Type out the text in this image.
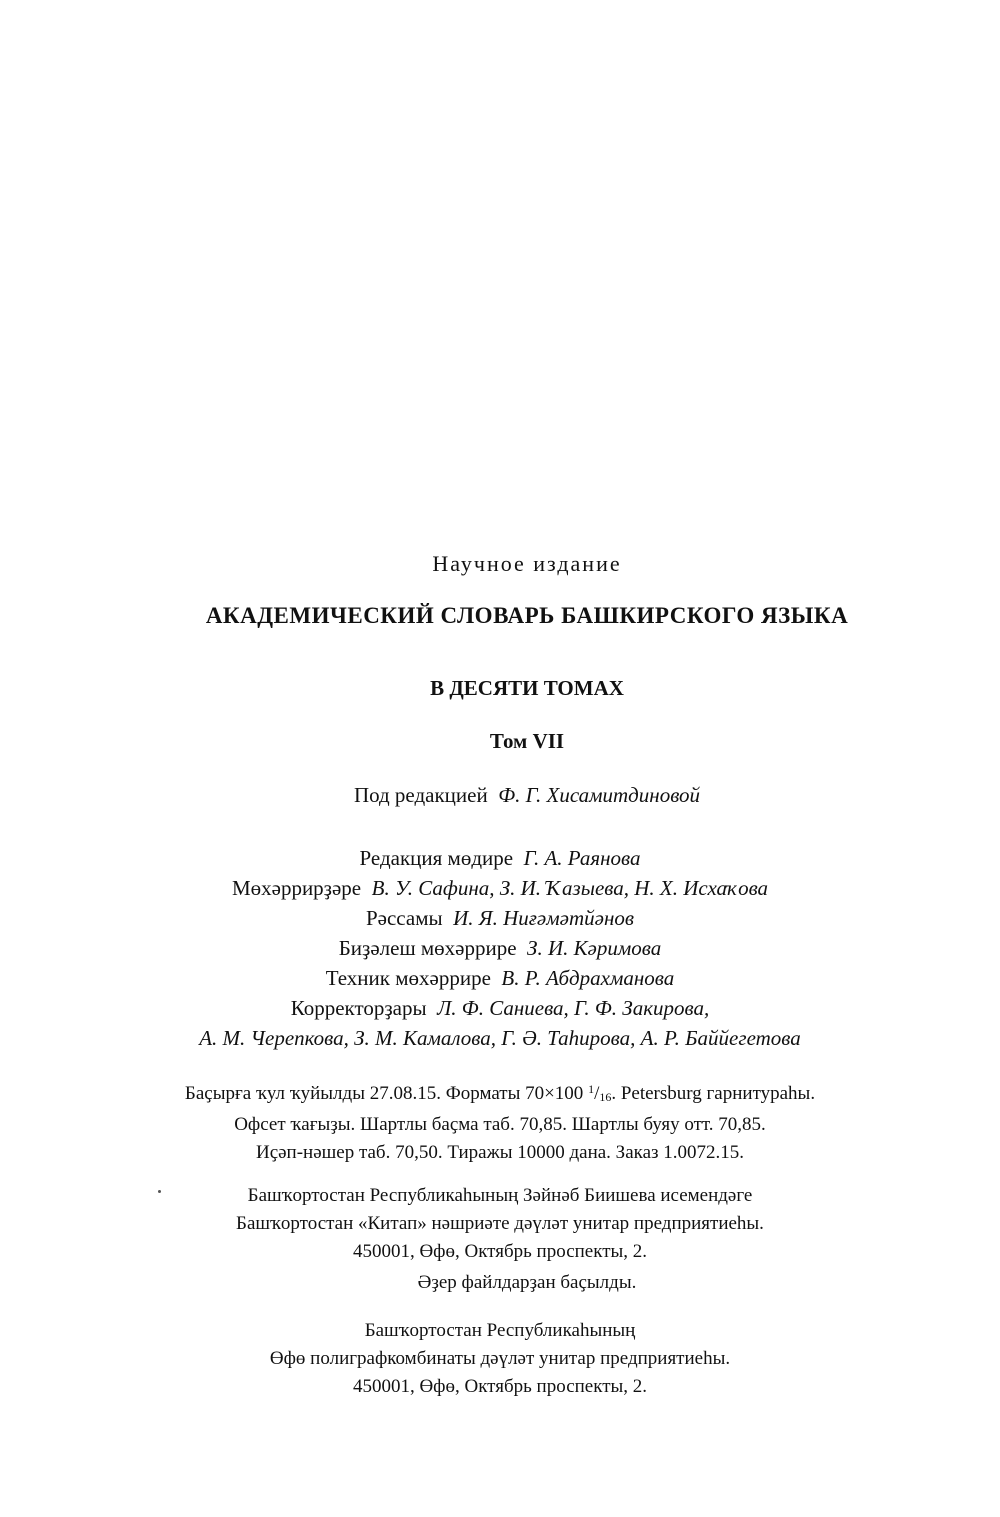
Научное издание
АКАДЕМИЧЕСКИЙ СЛОВАРЬ БАШКИРСКОГО ЯЗЫКА
В ДЕСЯТИ ТОМАХ
Том VII
Под редакцией Ф. Г. Хисамитдиновой
Редакция мөдире Г. А. Раянова
Мөхәррирҙәре В. У. Сафина, З. И. Ҡазыева, Н. Х. Исхаҡова
Рәссамы И. Я. Ниғәмәтйәнов
Биҙәлеш мөхәррире З. И. Кәримова
Техник мөхәррире В. Р. Абдрахманова
Корректорҙары Л. Ф. Саниева, Г. Ф. Закирова,
А. М. Черепкова, З. М. Камалова, Г. Ә. Таһирова, А. Р. Баййегетова
Баҫырға ҡул ҡуйылды 27.08.15. Форматы 70×100 $^1/_{16}$. Petersburg гарнитураһы.
Офсет ҡағыҙы. Шартлы баҫма таб. 70,85. Шартлы буяу отт. 70,85.
Иҫәп-нәшер таб. 70,50. Тиражы 10000 дана. Заказ 1.0072.15.
Башҡортостан Республикаһының Зәйнәб Биишева исемендәге
Башҡортостан «Китап» нәшриәте дәүләт унитар предприятиеһы.
450001, Өфө, Октябрь проспекты, 2.
Әҙер файлдарҙан баҫылды.
Башҡортостан Республикаһының
Өфө полиграфкомбинаты дәүләт унитар предприятиеһы.
450001, Өфө, Октябрь проспекты, 2.
